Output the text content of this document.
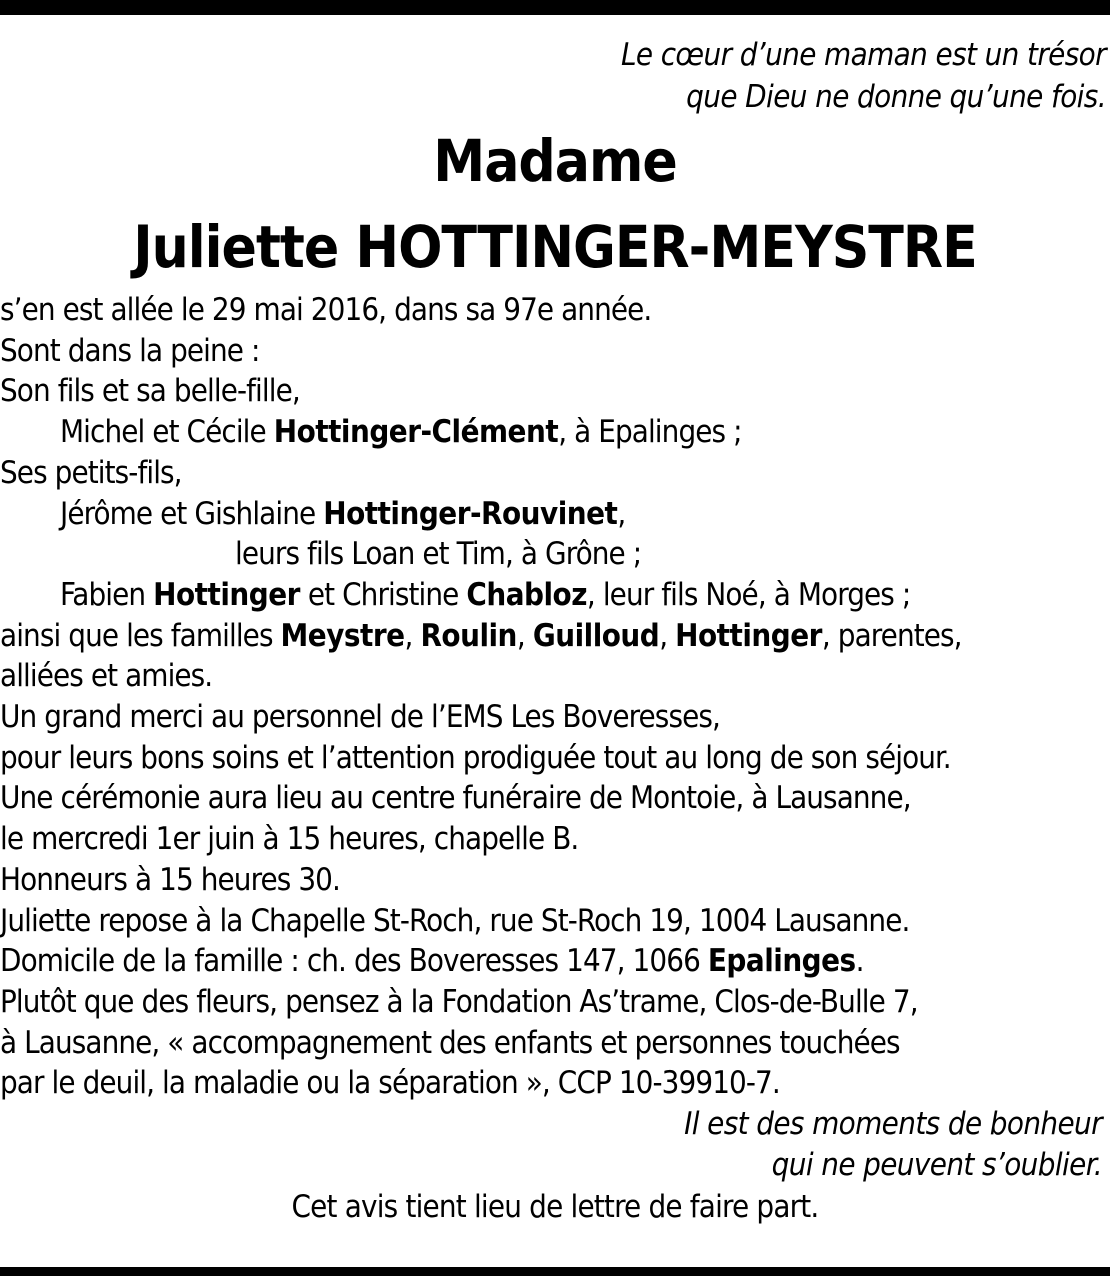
Le cœur d’une maman est un trésor
que Dieu ne donne qu’une fois.
Madame
Juliette HOTTINGER-MEYSTRE
s’en est allée le 29 mai 2016, dans sa 97e année.
Sont dans la peine :
Son fils et sa belle-fille,
Michel et Cécile Hottinger-Clément, à Epalinges ;
Ses petits-fils,
Jérôme et Gishlaine Hottinger-Rouvinet,
leurs fils Loan et Tim, à Grône ;
Fabien Hottinger et Christine Chabloz, leur fils Noé, à Morges ;
ainsi que les familles Meystre, Roulin, Guilloud, Hottinger, parentes,
alliées et amies.
Un grand merci au personnel de l’EMS Les Boveresses,
pour leurs bons soins et l’attention prodiguée tout au long de son séjour.
Une cérémonie aura lieu au centre funéraire de Montoie, à Lausanne,
le mercredi 1er juin à 15 heures, chapelle B.
Honneurs à 15 heures 30.
Juliette repose à la Chapelle St-Roch, rue St-Roch 19, 1004 Lausanne.
Domicile de la famille : ch. des Boveresses 147, 1066 Epalinges.
Plutôt que des fleurs, pensez à la Fondation As’trame, Clos-de-Bulle 7,
à Lausanne, « accompagnement des enfants et personnes touchées
par le deuil, la maladie ou la séparation », CCP 10-39910-7.
Il est des moments de bonheur
qui ne peuvent s’oublier.
Cet avis tient lieu de lettre de faire part.
